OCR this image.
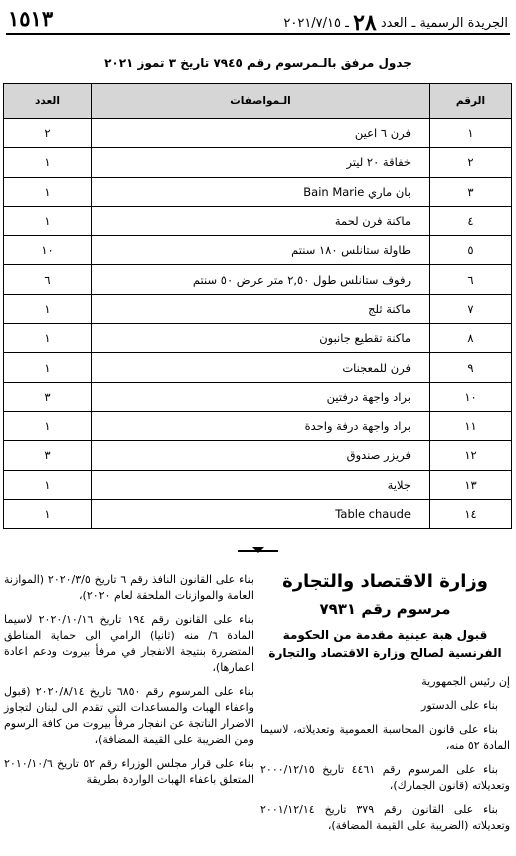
الجريدة الرسمية ـ العدد ٢٨ ـ ٢٠٢١/٧/١٥
١٥١٣
جدول مرفق بالـمرسوم رقم ٧٩٤٥ تاريخ ٣ تموز ٢٠٢١
الرقم	الـمواصفات	العدد
١	فرن ٦ اعين	٢
٢	خفاقة ٢٠ ليتر	١
٣	بان ماري Bain Marie	١
٤	ماكنة فرن لحمة	١
٥	طاولة ستانلس ١٨٠ سنتم	١٠
٦	رفوف ستانلس طول ٢,٥٠ متر عرض ٥٠ سنتم	٦
٧	ماكنة ثلج	١
٨	ماكنة تقطيع جانبون	١
٩	فرن للمعجنات	١
١٠	براد واجهة درفتين	٣
١١	براد واجهة درفة واحدة	١
١٢	فريزر صندوق	٣
١٣	جلاية	١
١٤	Table chaude	١
وزارة الاقتصاد والتجارة
مرسوم رقم ٧٩٣١
قبول هبة عينية مقدمة من الحكومة الفرنسية لصالح وزارة الاقتصاد والتجارة
إن رئيس الجمهورية

بناء على الدستور

بناء على قانون المحاسبة العمومية وتعديلاته، لاسيما المادة ٥٢ منه،

بناء على المرسوم رقم ٤٤٦١ تاريخ ٢٠٠٠/١٢/١٥ وتعديلاته (قانون الجمارك)،

بناء على القانون رقم ٣٧٩ تاريخ ٢٠٠١/١٢/١٤ وتعديلاته (الضريبة على القيمة المضافة)،

بناء على القانون النافذ رقم ٦ تاريخ ٢٠٢٠/٣/٥ (الموازنة العامة والموازنات الملحقة لعام ٢٠٢٠)،

بناء على القانون رقم ١٩٤ تاريخ ٢٠٢٠/١٠/١٦ لاسيما المادة ٦/ منه (ثانيا) الرامي الى حماية المناطق المتضررة بنتيجة الانفجار في مرفأ بيروت ودعم اعادة اعمارها)،

بناء على المرسوم رقم ٦٨٥٠ تاريخ ٢٠٢٠/٨/١٤ (قبول واعفاء الهبات والمساعدات التي تقدم الى لبنان لتجاوز الاضرار الناتجة عن انفجار مرفأ بيروت من كافة الرسوم ومن الضريبة على القيمة المضافة)،

بناء على قرار مجلس الوزراء رقم ٥٢ تاريخ ٢٠١٠/١٠/٦ المتعلق باعفاء الهبات الواردة بطريقة
